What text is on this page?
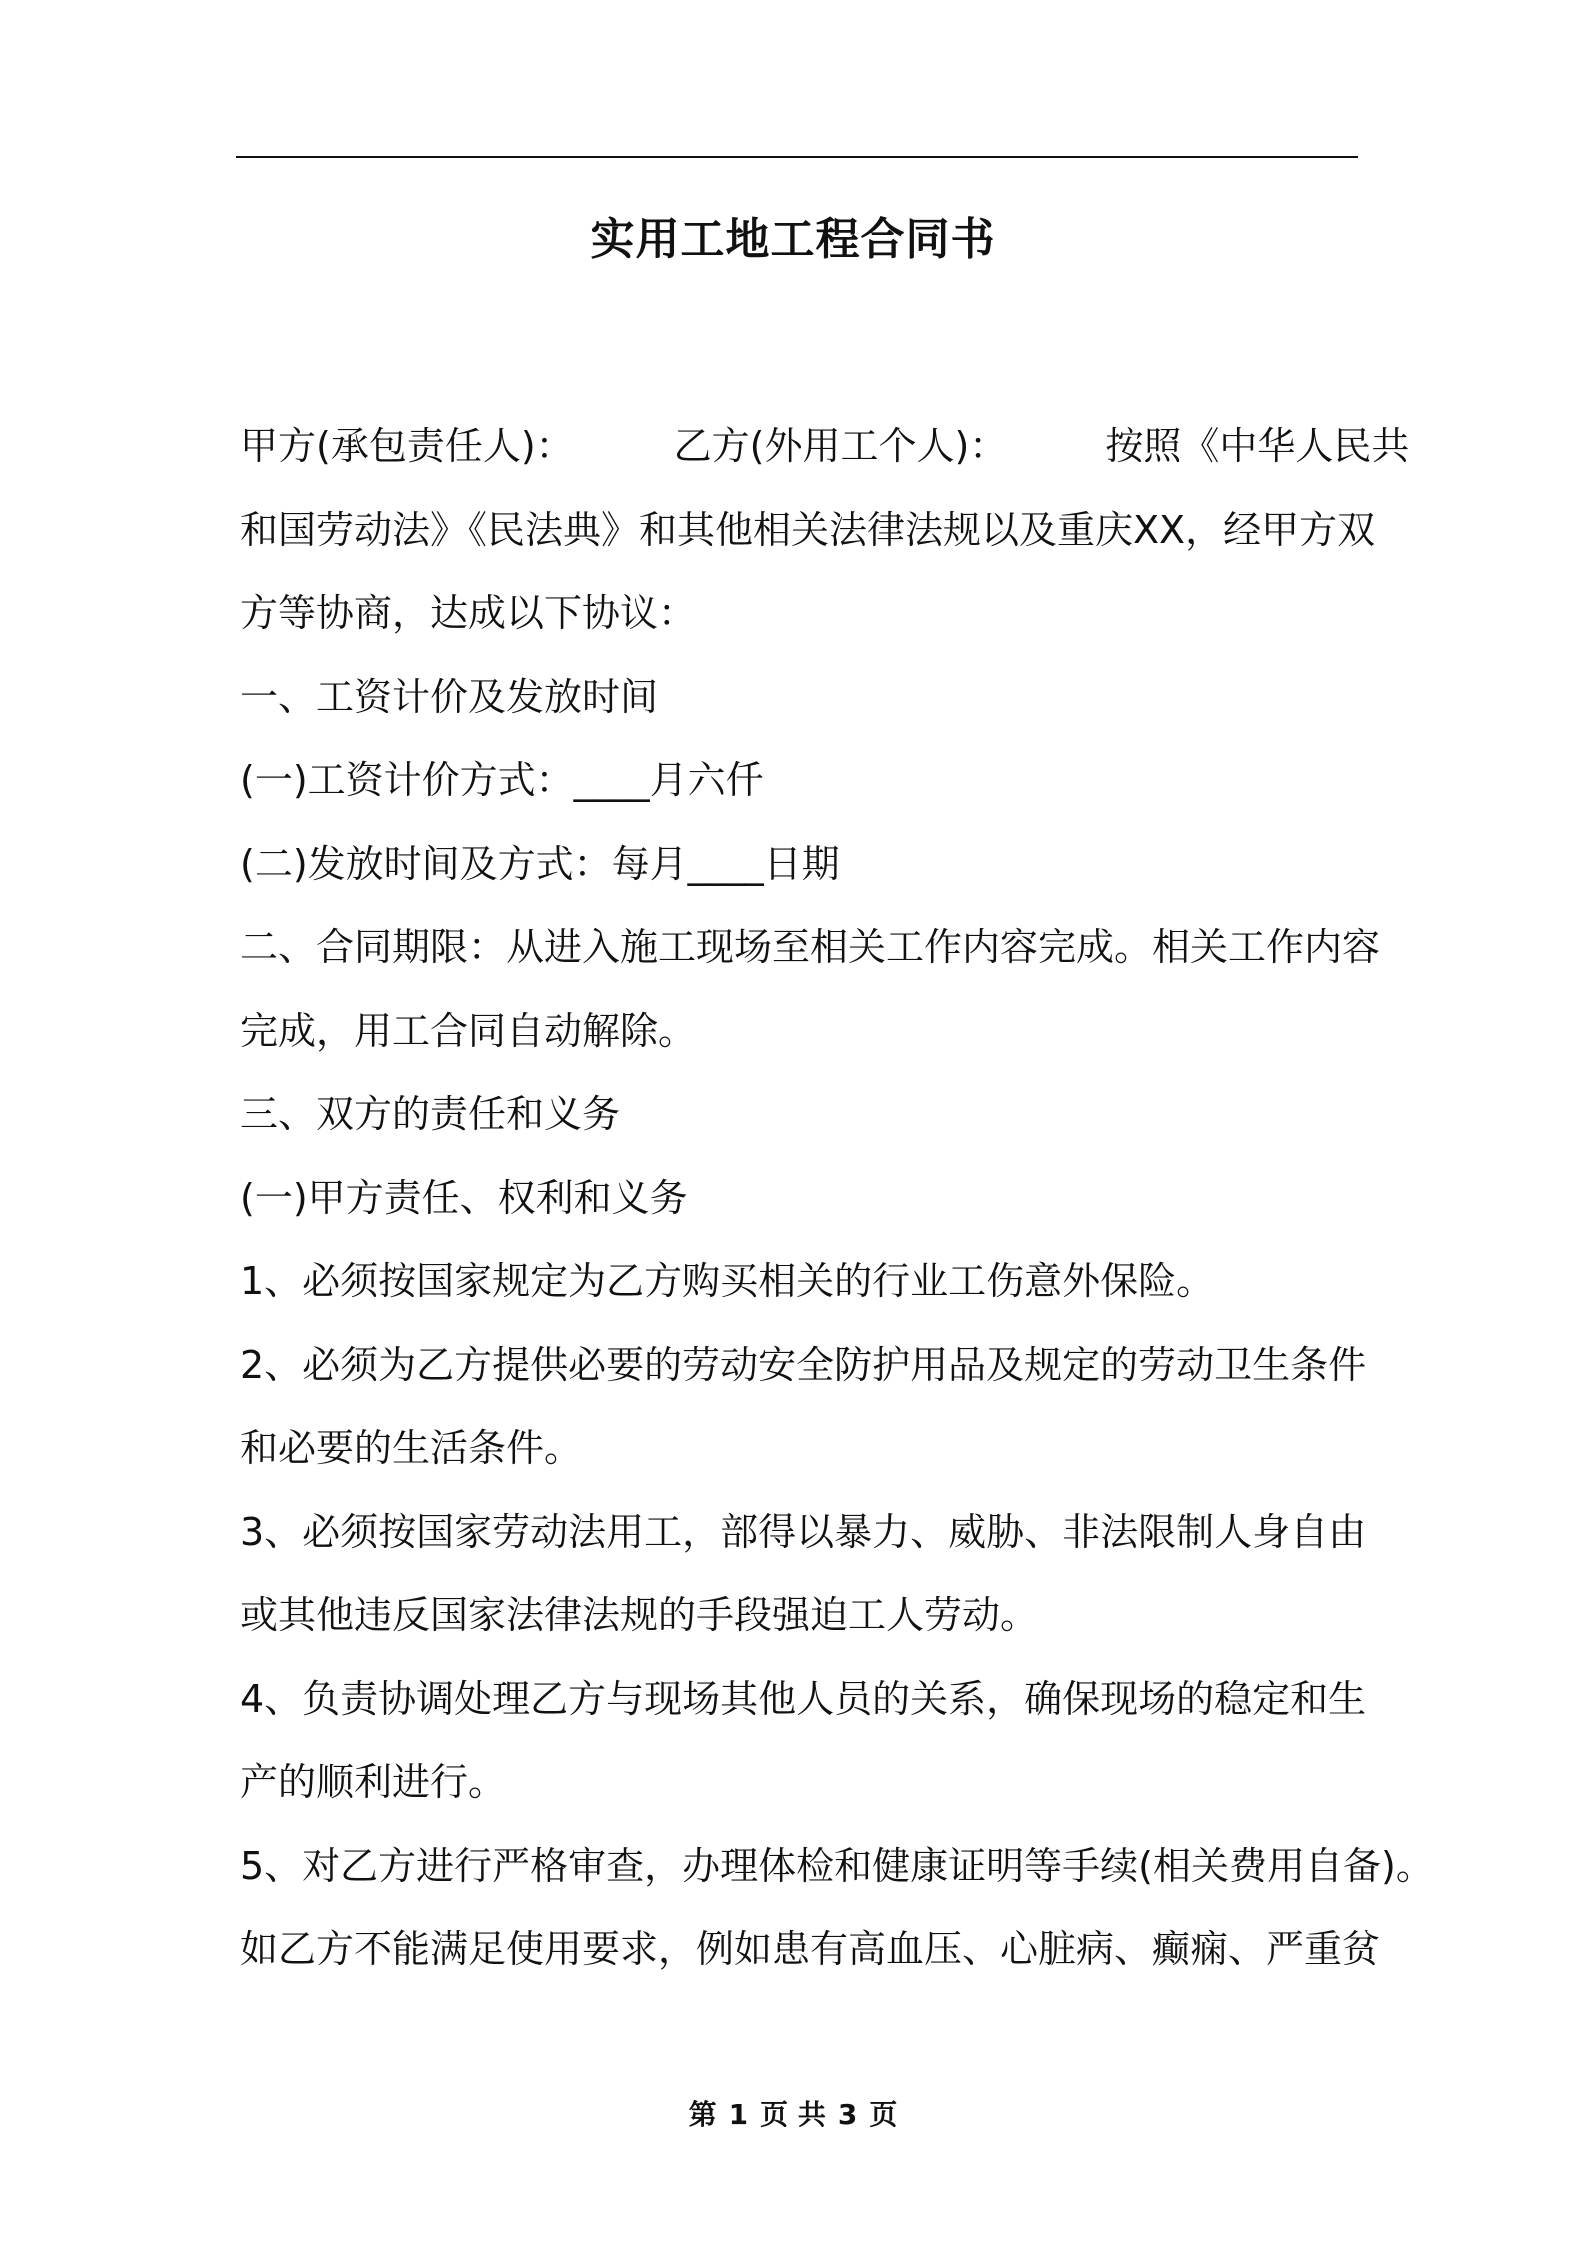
实用工地工程合同书
甲方(承包责任人)：	乙方(外用工个人)：	按照《中华人民共
和国劳动法》《民法典》和其他相关法律法规以及重庆XX，经甲方双
方等协商，达成以下协议：
一、工资计价及发放时间
(一)工资计价方式：____月六仟
(二)发放时间及方式：每月____日期
二、合同期限：从进入施工现场至相关工作内容完成。相关工作内容
完成，用工合同自动解除。
三、双方的责任和义务
(一)甲方责任、权利和义务
1、必须按国家规定为乙方购买相关的行业工伤意外保险。
2、必须为乙方提供必要的劳动安全防护用品及规定的劳动卫生条件
和必要的生活条件。
3、必须按国家劳动法用工，部得以暴力、威胁、非法限制人身自由
或其他违反国家法律法规的手段强迫工人劳动。
4、负责协调处理乙方与现场其他人员的关系，确保现场的稳定和生
产的顺利进行。
5、对乙方进行严格审查，办理体检和健康证明等手续(相关费用自备)。
如乙方不能满足使用要求，例如患有高血压、心脏病、癫痫、严重贫
第 1 页 共 3 页
